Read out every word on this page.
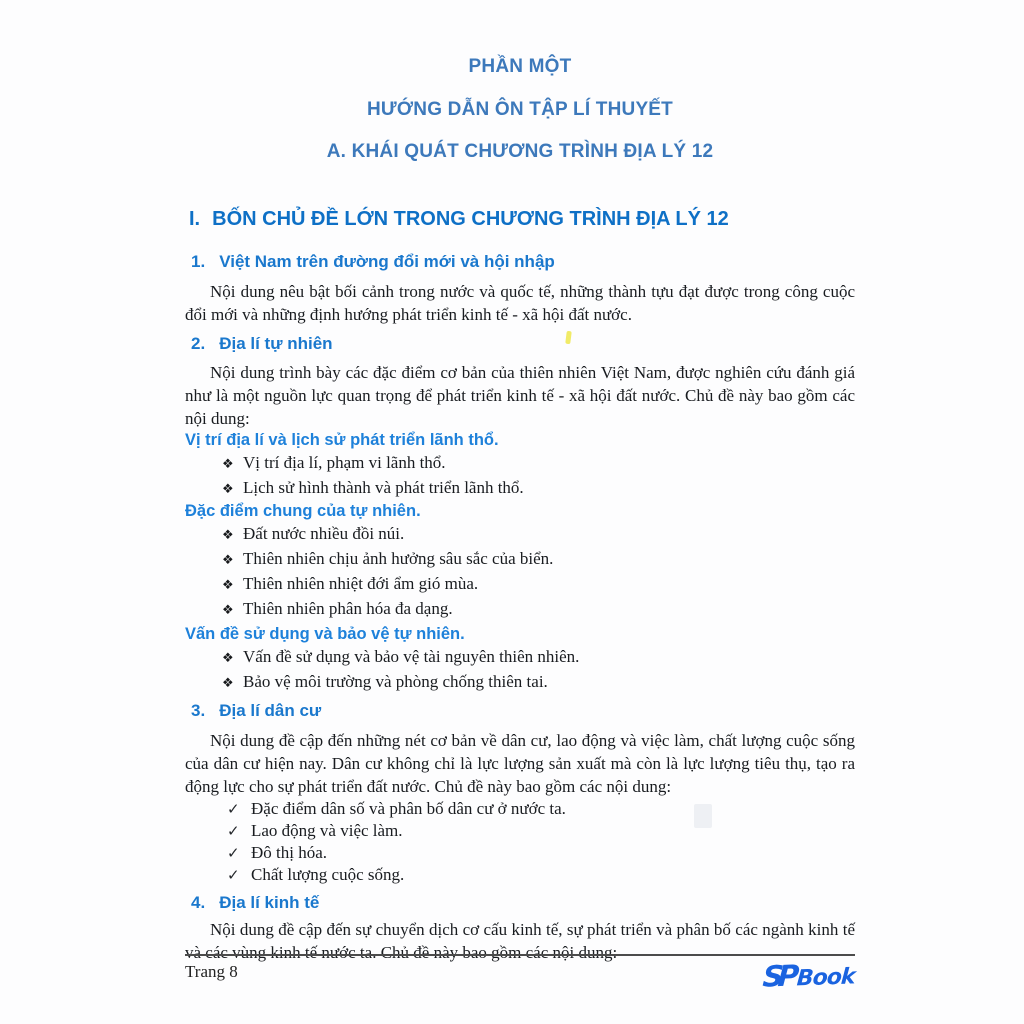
PHẦN MỘT

HƯỚNG DẪN ÔN TẬP LÍ THUYẾT

A. KHÁI QUÁT CHƯƠNG TRÌNH ĐỊA LÝ 12

I. BỐN CHỦ ĐỀ LỚN TRONG CHƯƠNG TRÌNH ĐỊA LÝ 12
1. Việt Nam trên đường đổi mới và hội nhập

Nội dung nêu bật bối cảnh trong nước và quốc tế, những thành tựu đạt được trong công cuộc đổi mới và những định hướng phát triển kinh tế - xã hội đất nước.

2. Địa lí tự nhiên

Nội dung trình bày các đặc điểm cơ bản của thiên nhiên Việt Nam, được nghiên cứu đánh giá như là một nguồn lực quan trọng để phát triển kinh tế - xã hội đất nước. Chủ đề này bao gồm các nội dung:

Vị trí địa lí và lịch sử phát triển lãnh thổ.

❖ Vị trí địa lí, phạm vi lãnh thổ.
❖ Lịch sử hình thành và phát triển lãnh thổ.

Đặc điểm chung của tự nhiên.

❖ Đất nước nhiều đồi núi.
❖ Thiên nhiên chịu ảnh hưởng sâu sắc của biển.
❖ Thiên nhiên nhiệt đới ẩm gió mùa.
❖ Thiên nhiên phân hóa đa dạng.

Vấn đề sử dụng và bảo vệ tự nhiên.

❖ Vấn đề sử dụng và bảo vệ tài nguyên thiên nhiên.
❖ Bảo vệ môi trường và phòng chống thiên tai.
3. Địa lí dân cư

Nội dung đề cập đến những nét cơ bản về dân cư, lao động và việc làm, chất lượng cuộc sống của dân cư hiện nay. Dân cư không chỉ là lực lượng sản xuất mà còn là lực lượng tiêu thụ, tạo ra động lực cho sự phát triển đất nước. Chủ đề này bao gồm các nội dung:

✓ Đặc điểm dân số và phân bố dân cư ở nước ta.
✓ Lao động và việc làm.
✓ Đô thị hóa.
✓ Chất lượng cuộc sống.
4. Địa lí kinh tế

Nội dung đề cập đến sự chuyển dịch cơ cấu kinh tế, sự phát triển và phân bố các ngành kinh tế và các vùng kinh tế nước ta. Chủ đề này bao gồm các nội dung:

Trang 8	SPBook
